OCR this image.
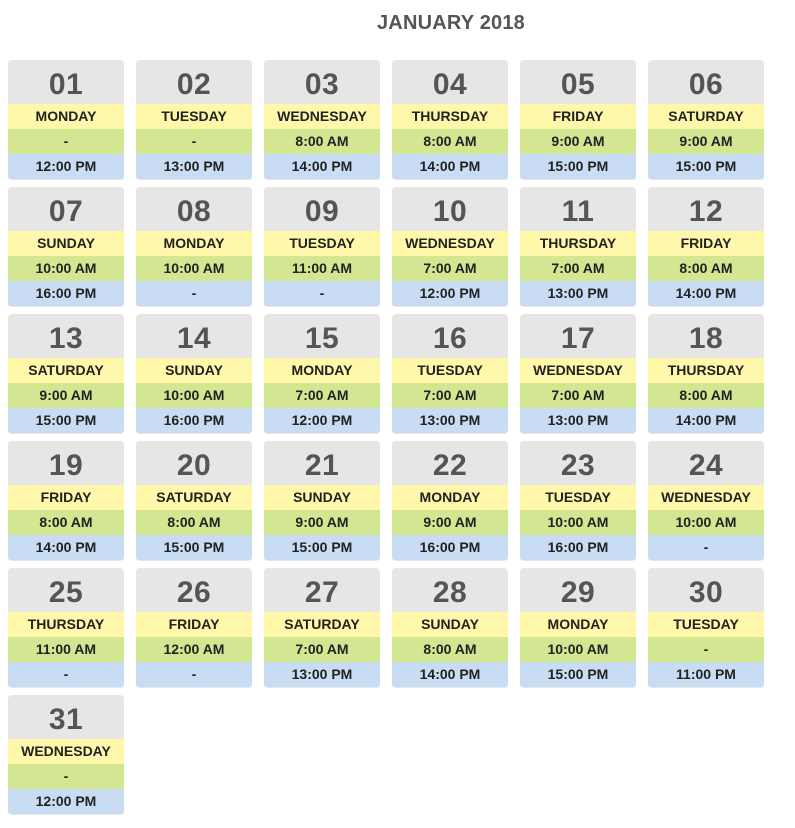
JANUARY 2018
01
MONDAY
-
12:00 PM
02
TUESDAY
-
13:00 PM
03
WEDNESDAY
8:00 AM
14:00 PM
04
THURSDAY
8:00 AM
14:00 PM
05
FRIDAY
9:00 AM
15:00 PM
06
SATURDAY
9:00 AM
15:00 PM
07
SUNDAY
10:00 AM
16:00 PM
08
MONDAY
10:00 AM
-
09
TUESDAY
11:00 AM
-
10
WEDNESDAY
7:00 AM
12:00 PM
11
THURSDAY
7:00 AM
13:00 PM
12
FRIDAY
8:00 AM
14:00 PM
13
SATURDAY
9:00 AM
15:00 PM
14
SUNDAY
10:00 AM
16:00 PM
15
MONDAY
7:00 AM
12:00 PM
16
TUESDAY
7:00 AM
13:00 PM
17
WEDNESDAY
7:00 AM
13:00 PM
18
THURSDAY
8:00 AM
14:00 PM
19
FRIDAY
8:00 AM
14:00 PM
20
SATURDAY
8:00 AM
15:00 PM
21
SUNDAY
9:00 AM
15:00 PM
22
MONDAY
9:00 AM
16:00 PM
23
TUESDAY
10:00 AM
16:00 PM
24
WEDNESDAY
10:00 AM
-
25
THURSDAY
11:00 AM
-
26
FRIDAY
12:00 AM
-
27
SATURDAY
7:00 AM
13:00 PM
28
SUNDAY
8:00 AM
14:00 PM
29
MONDAY
10:00 AM
15:00 PM
30
TUESDAY
-
11:00 PM
31
WEDNESDAY
-
12:00 PM
